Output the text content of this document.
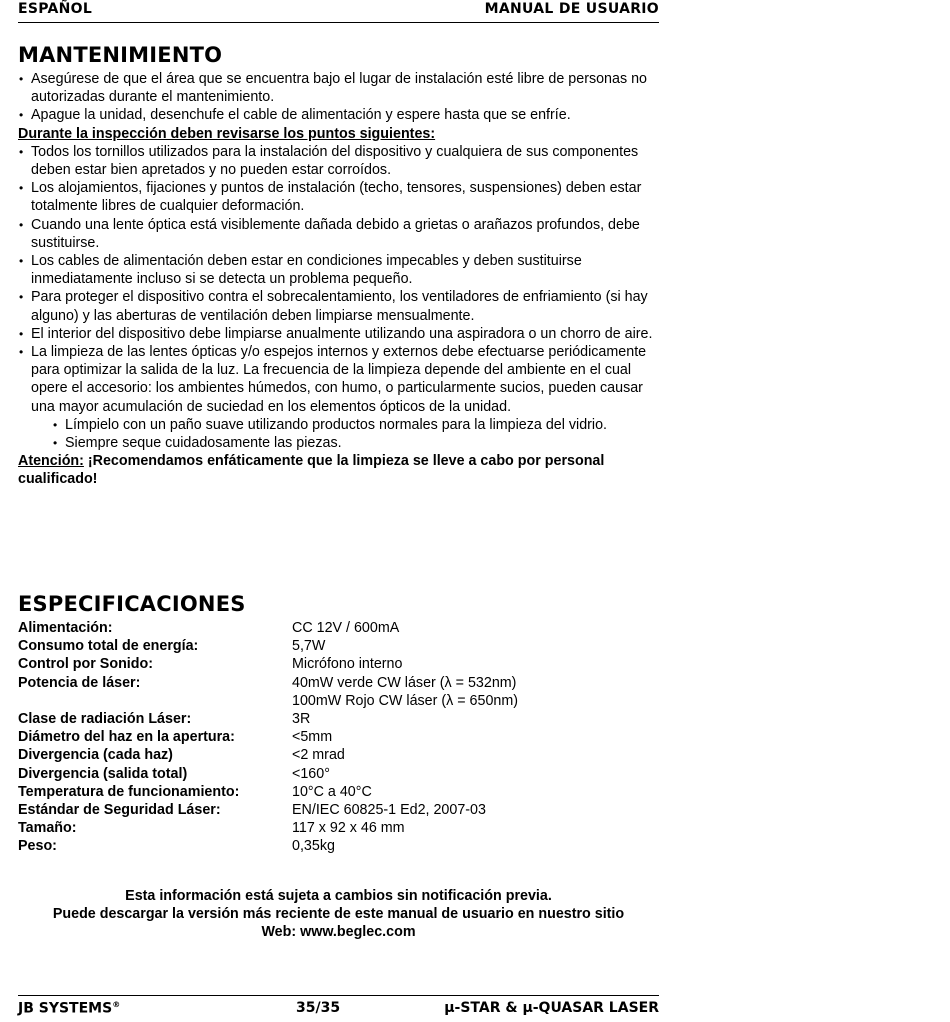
ESPAÑOL	MANUAL DE USUARIO
MANTENIMIENTO
• Asegúrese de que el área que se encuentra bajo el lugar de instalación esté libre de personas no autorizadas durante el mantenimiento.
• Apague la unidad, desenchufe el cable de alimentación y espere hasta que se enfríe.
Durante la inspección deben revisarse los puntos siguientes:
• Todos los tornillos utilizados para la instalación del dispositivo y cualquiera de sus componentes deben estar bien apretados y no pueden estar corroídos.
• Los alojamientos, fijaciones y puntos de instalación (techo, tensores, suspensiones) deben estar totalmente libres de cualquier deformación.
• Cuando una lente óptica está visiblemente dañada debido a grietas o arañazos profundos, debe sustituirse.
• Los cables de alimentación deben estar en condiciones impecables y deben sustituirse inmediatamente incluso si se detecta un problema pequeño.
• Para proteger el dispositivo contra el sobrecalentamiento, los ventiladores de enfriamiento (si hay alguno) y las aberturas de ventilación deben limpiarse mensualmente.
• El interior del dispositivo debe limpiarse anualmente utilizando una aspiradora o un chorro de aire.
• La limpieza de las lentes ópticas y/o espejos internos y externos debe efectuarse periódicamente para optimizar la salida de la luz. La frecuencia de la limpieza depende del ambiente en el cual opere el accesorio: los ambientes húmedos, con humo, o particularmente sucios, pueden causar una mayor acumulación de suciedad en los elementos ópticos de la unidad.
• Límpielo con un paño suave utilizando productos normales para la limpieza del vidrio.
• Siempre seque cuidadosamente las piezas.
Atención: ¡Recomendamos enfáticamente que la limpieza se lleve a cabo por personal cualificado!
ESPECIFICACIONES
Alimentación:	CC 12V / 600mA
Consumo total de energía:	5,7W
Control por Sonido:	Micrófono interno
Potencia de láser:	40mW verde CW láser (λ = 532nm)
100mW Rojo CW láser (λ = 650nm)
Clase de radiación Láser:	3R
Diámetro del haz en la apertura:	<5mm
Divergencia (cada haz)	<2 mrad
Divergencia (salida total)	<160°
Temperatura de funcionamiento:	10°C a 40°C
Estándar de Seguridad Láser:	EN/IEC 60825-1 Ed2, 2007-03
Tamaño:	117 x 92 x 46 mm
Peso:	0,35kg
Esta información está sujeta a cambios sin notificación previa.
Puede descargar la versión más reciente de este manual de usuario en nuestro sitio
Web: www.beglec.com
JB SYSTEMS®	35/35	µ-STAR & µ-QUASAR LASER
